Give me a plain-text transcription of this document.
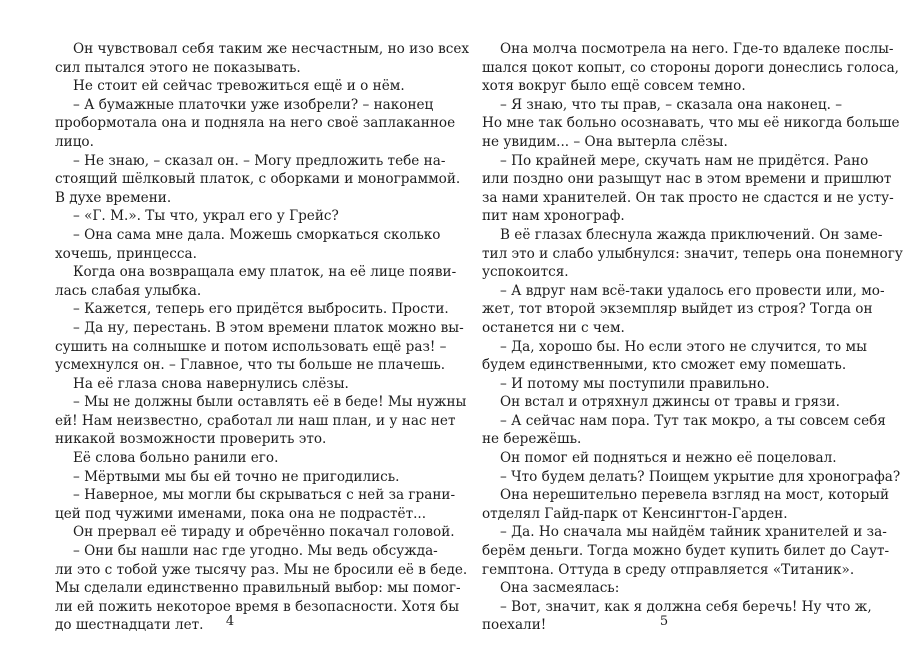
Он чувствовал себя таким же несчастным, но изо всех
сил пытался этого не показывать.
Не стоит ей сейчас тревожиться ещё и о нём.
– А бумажные платочки уже изобрели? – наконец
пробормотала она и подняла на него своё заплаканное
лицо.
– Не знаю, – сказал он. – Могу предложить тебе на-
стоящий шёлковый платок, с оборками и монограммой.
В духе времени.
– «Г. М.». Ты что, украл его у Грейс?
– Она сама мне дала. Можешь сморкаться сколько
хочешь, принцесса.
Когда она возвращала ему платок, на её лице появи-
лась слабая улыбка.
– Кажется, теперь его придётся выбросить. Прости.
– Да ну, перестань. В этом времени платок можно вы-
сушить на солнышке и потом использовать ещё раз! –
усмехнулся он. – Главное, что ты больше не плачешь.
На её глаза снова навернулись слёзы.
– Мы не должны были оставлять её в беде! Мы нужны
ей! Нам неизвестно, сработал ли наш план, и у нас нет
никакой возможности проверить это.
Её слова больно ранили его.
– Мёртвыми мы бы ей точно не пригодились.
– Наверное, мы могли бы скрываться с ней за грани-
цей под чужими именами, пока она не подрастёт...
Он прервал её тираду и обречённо покачал головой.
– Они бы нашли нас где угодно. Мы ведь обсужда-
ли это с тобой уже тысячу раз. Мы не бросили её в беде.
Мы сделали единственно правильный выбор: мы помог-
ли ей пожить некоторое время в безопасности. Хотя бы
до шестнадцати лет.	4
Она молча посмотрела на него. Где-то вдалеке послы-
шался цокот копыт, со стороны дороги донеслись голоса,
хотя вокруг было ещё совсем темно.
– Я знаю, что ты прав, – сказала она наконец. –
Но мне так больно осознавать, что мы её никогда больше
не увидим... – Она вытерла слёзы.
– По крайней мере, скучать нам не придётся. Рано
или поздно они разыщут нас в этом времени и пришлют
за нами хранителей. Он так просто не сдастся и не усту-
пит нам хронограф.
В её глазах блеснула жажда приключений. Он заме-
тил это и слабо улыбнулся: значит, теперь она понемногу
успокоится.
– А вдруг нам всё-таки удалось его провести или, мо-
жет, тот второй экземпляр выйдет из строя? Тогда он
останется ни с чем.
– Да, хорошо бы. Но если этого не случится, то мы
будем единственными, кто сможет ему помешать.
– И потому мы поступили правильно.
Он встал и отряхнул джинсы от травы и грязи.
– А сейчас нам пора. Тут так мокро, а ты совсем себя
не бережёшь.
Он помог ей подняться и нежно её поцеловал.
– Что будем делать? Поищем укрытие для хронографа?
Она нерешительно перевела взгляд на мост, который
отделял Гайд-парк от Кенсингтон-Гарден.
– Да. Но сначала мы найдём тайник хранителей и за-
берём деньги. Тогда можно будет купить билет до Саут-
гемптона. Оттуда в среду отправляется «Титаник».
Она засмеялась:
– Вот, значит, как я должна себя беречь! Ну что ж,
поехали!	5
